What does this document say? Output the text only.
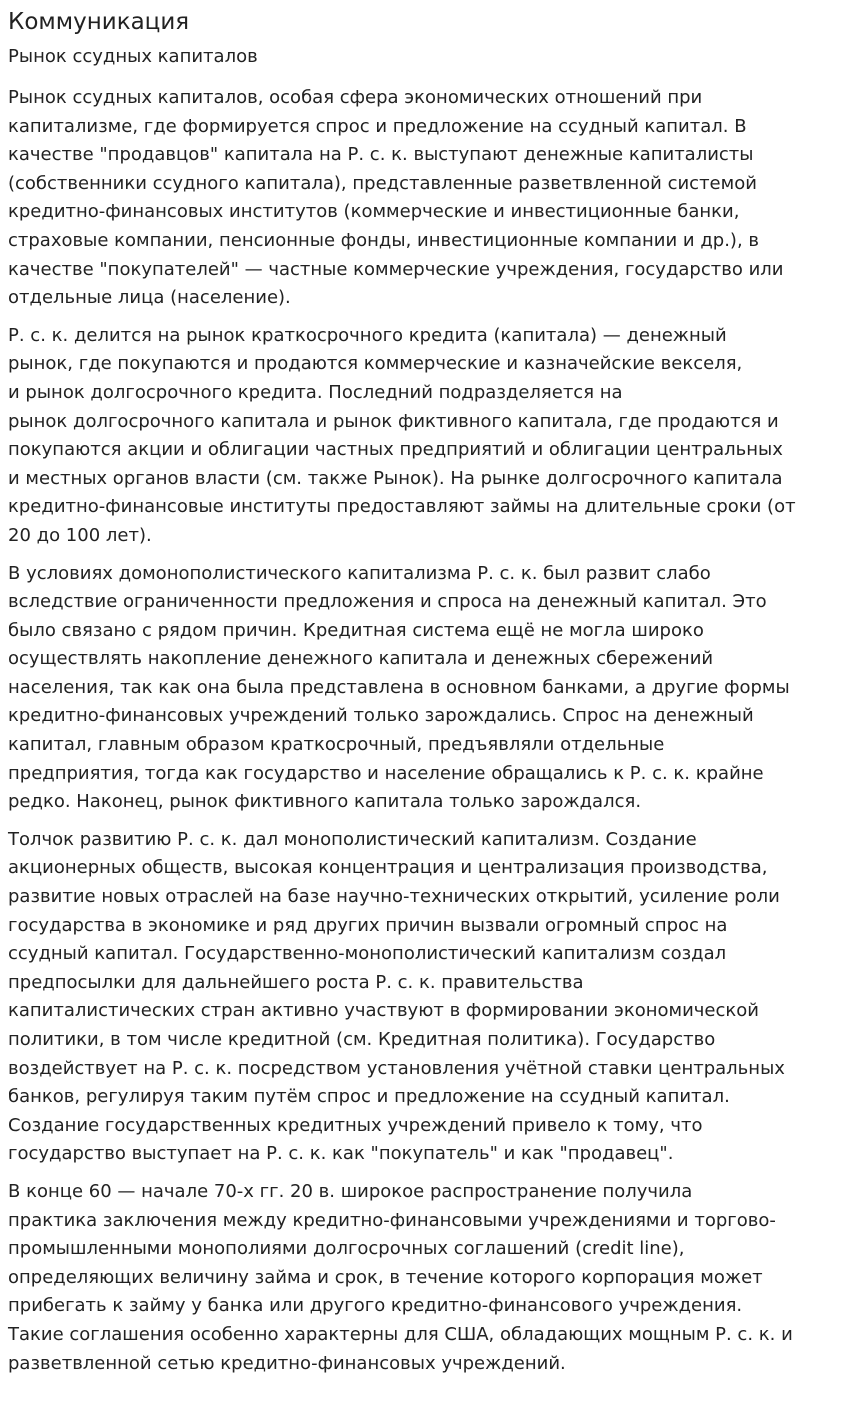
Коммуникация
Рынок ссудных капиталов

Рынок ссудных капиталов, особая сфера экономических отношений при
капитализме, где формируется спрос и предложение на ссудный капитал. В
качестве "продавцов" капитала на Р. с. к. выступают денежные капиталисты
(собственники ссудного капитала), представленные разветвленной системой
кредитно-финансовых институтов (коммерческие и инвестиционные банки,
страховые компании, пенсионные фонды, инвестиционные компании и др.), в
качестве "покупателей" — частные коммерческие учреждения, государство или
отдельные лица (население).

Р. с. к. делится на рынок краткосрочного кредита (капитала) — денежный
рынок, где покупаются и продаются коммерческие и казначейские векселя,
и рынок долгосрочного кредита. Последний подразделяется на
рынок долгосрочного капитала и рынок фиктивного капитала, где продаются и
покупаются акции и облигации частных предприятий и облигации центральных
и местных органов власти (см. также Рынок). На рынке долгосрочного капитала
кредитно-финансовые институты предоставляют займы на длительные сроки (от
20 до 100 лет).

В условиях домонополистического капитализма Р. с. к. был развит слабо
вследствие ограниченности предложения и спроса на денежный капитал. Это
было связано с рядом причин. Кредитная система ещё не могла широко
осуществлять накопление денежного капитала и денежных сбережений
населения, так как она была представлена в основном банками, а другие формы
кредитно-финансовых учреждений только зарождались. Спрос на денежный
капитал, главным образом краткосрочный, предъявляли отдельные
предприятия, тогда как государство и население обращались к Р. с. к. крайне
редко. Наконец, рынок фиктивного капитала только зарождался.

Толчок развитию Р. с. к. дал монополистический капитализм. Создание
акционерных обществ, высокая концентрация и централизация производства,
развитие новых отраслей на базе научно-технических открытий, усиление роли
государства в экономике и ряд других причин вызвали огромный спрос на
ссудный капитал. Государственно-монополистический капитализм создал
предпосылки для дальнейшего роста Р. с. к. правительства
капиталистических стран активно участвуют в формировании экономической
политики, в том числе кредитной (см. Кредитная политика). Государство
воздействует на Р. с. к. посредством установления учётной ставки центральных
банков, регулируя таким путём спрос и предложение на ссудный капитал.
Создание государственных кредитных учреждений привело к тому, что
государство выступает на Р. с. к. как "покупатель" и как "продавец".

В конце 60 — начале 70-х гг. 20 в. широкое распространение получила
практика заключения между кредитно-финансовыми учреждениями и торгово-
промышленными монополиями долгосрочных соглашений (credit line),
определяющих величину займа и срок, в течение которого корпорация может
прибегать к займу у банка или другого кредитно-финансового учреждения.
Такие соглашения особенно характерны для США, обладающих мощным Р. с. к. и
разветвленной сетью кредитно-финансовых учреждений.
